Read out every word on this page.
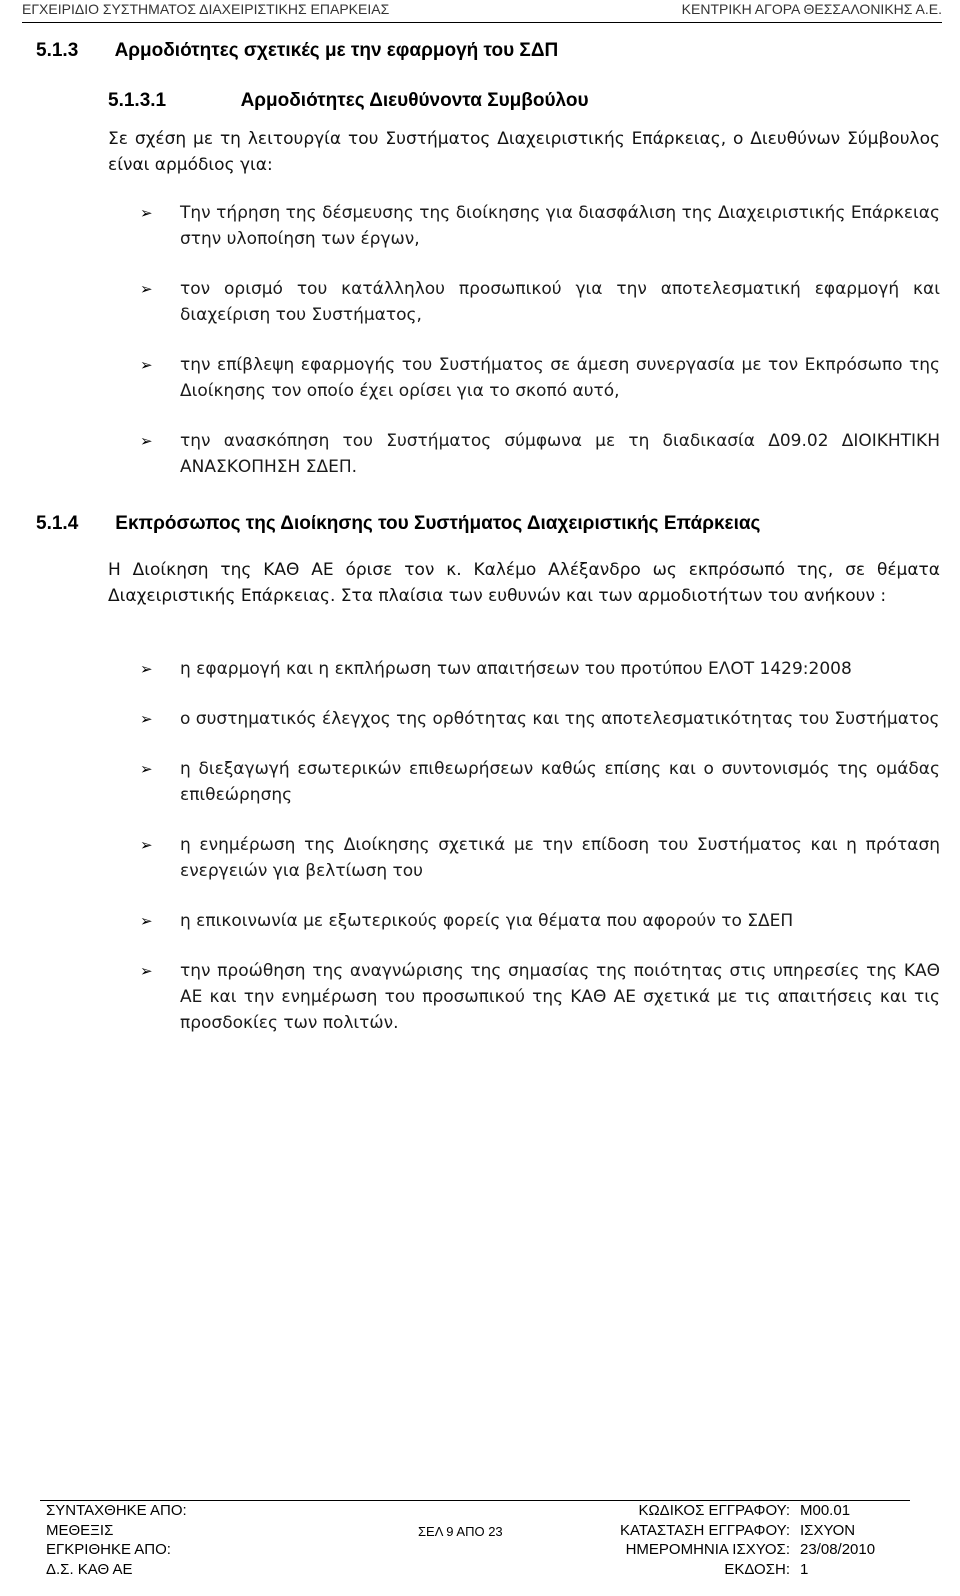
ΕΓΧΕΙΡΙΔΙΟ ΣΥΣΤΗΜΑΤΟΣ ΔΙΑΧΕΙΡΙΣΤΙΚΗΣ ΕΠΑΡΚΕΙΑΣ	ΚΕΝΤΡΙΚΗ ΑΓΟΡΑ ΘΕΣΣΑΛΟΝΙΚΗΣ Α.Ε.
5.1.3 Αρμοδιότητες σχετικές με την εφαρμογή του ΣΔΠ
5.1.3.1	Αρμοδιότητες Διευθύνοντα Συμβούλου

Σε σχέση με τη λειτουργία του Συστήματος Διαχειριστικής Επάρκειας, ο Διευθύνων Σύμβουλος είναι αρμόδιος για:

➢ Την τήρηση της δέσμευσης της διοίκησης για διασφάλιση της Διαχειριστικής Επάρκειας στην υλοποίηση των έργων,
➢ τον ορισμό του κατάλληλου προσωπικού για την αποτελεσματική εφαρμογή και διαχείριση του Συστήματος,
➢ την επίβλεψη εφαρμογής του Συστήματος σε άμεση συνεργασία με τον Εκπρόσωπο της Διοίκησης τον οποίο έχει ορίσει για το σκοπό αυτό,
➢ την ανασκόπηση του Συστήματος σύμφωνα με τη διαδικασία Δ09.02 ΔΙΟΙΚΗΤΙΚΗ ΑΝΑΣΚΟΠΗΣΗ ΣΔΕΠ.
5.1.4 Εκπρόσωπος της Διοίκησης του Συστήματος Διαχειριστικής Επάρκειας

Η Διοίκηση της ΚΑΘ ΑΕ όρισε τον κ. Καλέμο Αλέξανδρο ως εκπρόσωπό της, σε θέματα Διαχειριστικής Επάρκειας. Στα πλαίσια των ευθυνών και των αρμοδιοτήτων του ανήκουν :

➢ η εφαρμογή και η εκπλήρωση των απαιτήσεων του προτύπου ΕΛΟΤ 1429:2008
➢ ο συστηματικός έλεγχος της ορθότητας και της αποτελεσματικότητας του Συστήματος
➢ η διεξαγωγή εσωτερικών επιθεωρήσεων καθώς επίσης και ο συντονισμός της ομάδας επιθεώρησης
➢ η ενημέρωση της Διοίκησης σχετικά με την επίδοση του Συστήματος και η πρόταση ενεργειών για βελτίωση του
➢ η επικοινωνία με εξωτερικούς φορείς για θέματα που αφορούν το ΣΔΕΠ
➢ την προώθηση της αναγνώρισης της σημασίας της ποιότητας στις υπηρεσίες της ΚΑΘ ΑΕ και την ενημέρωση του προσωπικού της ΚΑΘ ΑΕ σχετικά με τις απαιτήσεις και τις προσδοκίες των πολιτών.
ΣΥΝΤΑΧΘΗΚΕ ΑΠΟ:
ΜΕΘΕΞΙΣ
ΕΓΚΡΙΘΗΚΕ ΑΠΟ:
Δ.Σ. ΚΑΘ ΑΕ
ΣΕΛ 9 ΑΠΟ 23
ΚΩΔΙΚΟΣ ΕΓΓΡΑΦΟΥ:
ΚΑΤΑΣΤΑΣΗ ΕΓΓΡΑΦΟΥ:
ΗΜΕΡΟΜΗΝΙΑ ΙΣΧΥΟΣ:
ΕΚΔΟΣΗ:
Μ00.01
ΙΣΧΥΟΝ
23/08/2010
1
